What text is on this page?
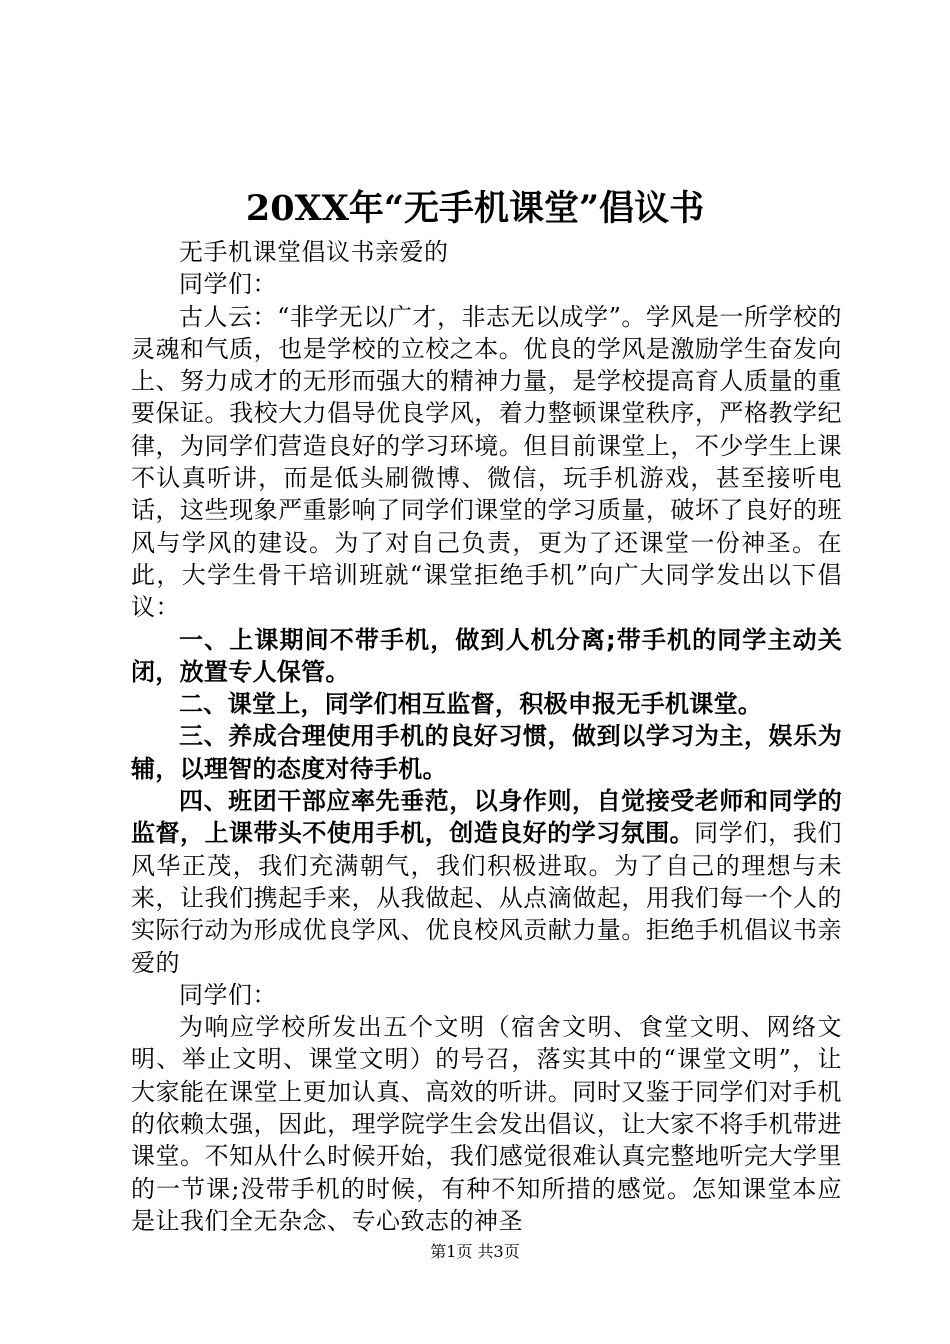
20XX年“无手机课堂”倡议书

无手机课堂倡议书亲爱的

同学们：

古人云：“非学无以广才，非志无以成学”。学风是一所学校的灵魂和气质，也是学校的立校之本。优良的学风是激励学生奋发向上、努力成才的无形而强大的精神力量，是学校提高育人质量的重要保证。我校大力倡导优良学风，着力整顿课堂秩序，严格教学纪律，为同学们营造良好的学习环境。但目前课堂上，不少学生上课不认真听讲，而是低头刷微博、微信，玩手机游戏，甚至接听电话，这些现象严重影响了同学们课堂的学习质量，破坏了良好的班风与学风的建设。为了对自己负责，更为了还课堂一份神圣。在此，大学生骨干培训班就“课堂拒绝手机”向广大同学发出以下倡议：

一、上课期间不带手机，做到人机分离;带手机的同学主动关闭，放置专人保管。

二、课堂上，同学们相互监督，积极申报无手机课堂。

三、养成合理使用手机的良好习惯，做到以学习为主，娱乐为辅，以理智的态度对待手机。

四、班团干部应率先垂范，以身作则，自觉接受老师和同学的监督，上课带头不使用手机，创造良好的学习氛围。同学们，我们风华正茂，我们充满朝气，我们积极进取。为了自己的理想与未来，让我们携起手来，从我做起、从点滴做起，用我们每一个人的实际行动为形成优良学风、优良校风贡献力量。拒绝手机倡议书亲爱的

同学们：

为响应学校所发出五个文明（宿舍文明、食堂文明、网络文明、举止文明、课堂文明）的号召，落实其中的“课堂文明”，让大家能在课堂上更加认真、高效的听讲。同时又鉴于同学们对手机的依赖太强，因此，理学院学生会发出倡议，让大家不将手机带进课堂。不知从什么时候开始，我们感觉很难认真完整地听完大学里的一节课;没带手机的时候，有种不知所措的感觉。怎知课堂本应是让我们全无杂念、专心致志的神圣

第1页 共3页
